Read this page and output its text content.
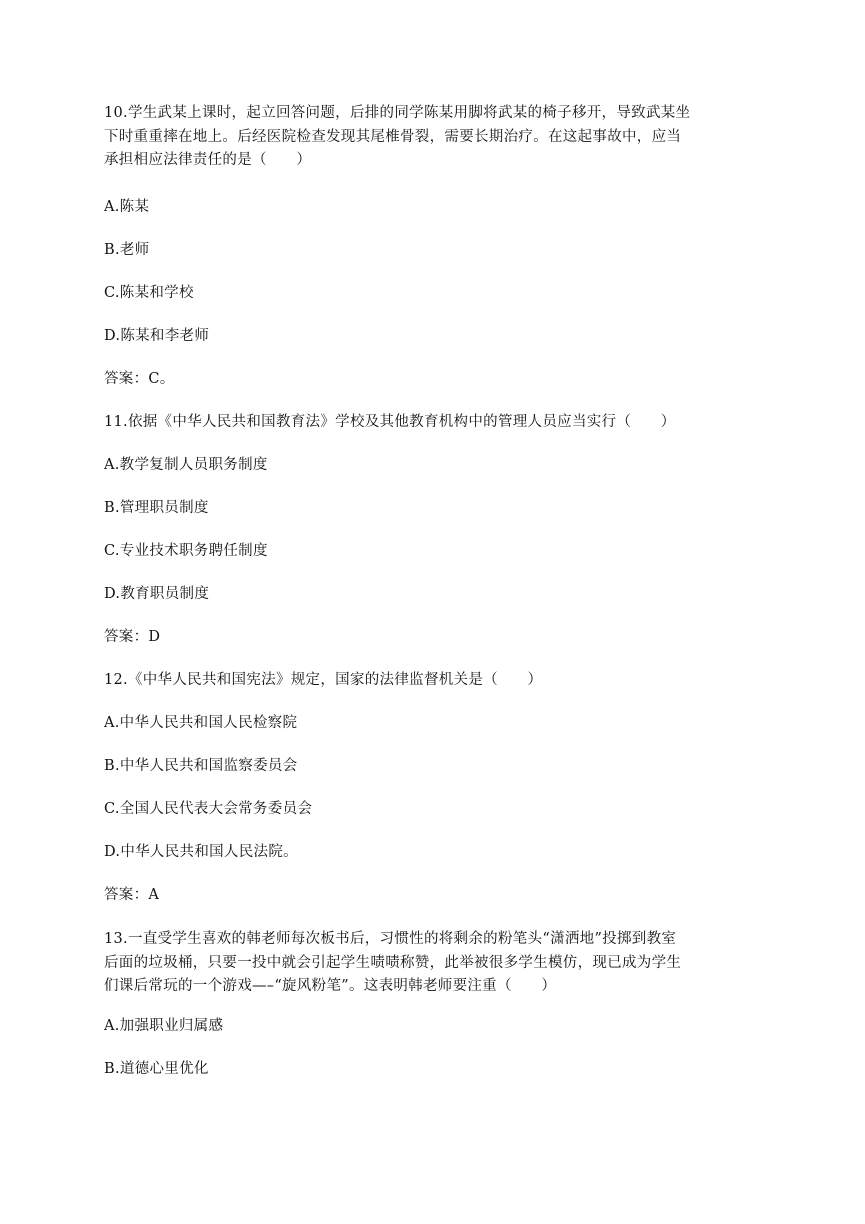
10.学生武某上课时，起立回答问题，后排的同学陈某用脚将武某的椅子移开，导致武某坐
下时重重摔在地上。后经医院检查发现其尾椎骨裂，需要长期治疗。在这起事故中，应当
承担相应法律责任的是（　　）
A.陈某
B.老师
C.陈某和学校
D.陈某和李老师
答案：C。
11.依据《中华人民共和国教育法》学校及其他教育机构中的管理人员应当实行（　　）
A.教学复制人员职务制度
B.管理职员制度
C.专业技术职务聘任制度
D.教育职员制度
答案：D
12.《中华人民共和国宪法》规定，国家的法律监督机关是（　　）
A.中华人民共和国人民检察院
B.中华人民共和国监察委员会
C.全国人民代表大会常务委员会
D.中华人民共和国人民法院。
答案：A
13.一直受学生喜欢的韩老师每次板书后，习惯性的将剩余的粉笔头“潇洒地”投掷到教室
后面的垃圾桶，只要一投中就会引起学生啧啧称赞，此举被很多学生模仿，现已成为学生
们课后常玩的一个游戏—–“旋风粉笔”。这表明韩老师要注重（　　）
A.加强职业归属感
B.道德心里优化
